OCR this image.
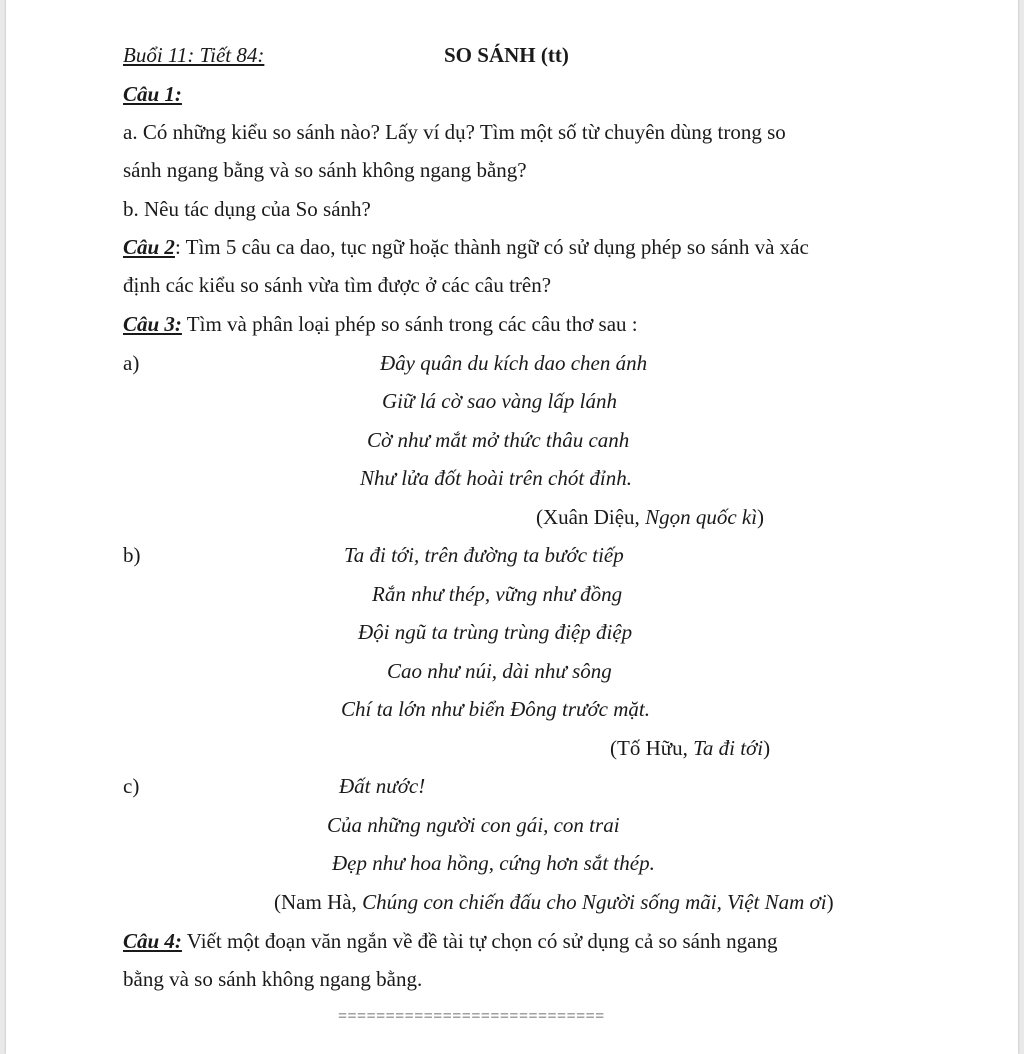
Buổi 11: Tiết 84:	SO SÁNH (tt)
Câu 1:
a. Có những kiểu so sánh nào? Lấy ví dụ? Tìm một số từ chuyên dùng trong so
sánh ngang bằng và so sánh không ngang bằng?
b. Nêu tác dụng của So sánh?
Câu 2: Tìm 5 câu ca dao, tục ngữ hoặc thành ngữ có sử dụng phép so sánh và xác
định các kiểu so sánh vừa tìm được ở các câu trên?
Câu 3: Tìm và phân loại phép so sánh trong các câu thơ sau :
a)	Đây quân du kích dao chen ánh
Giữ lá cờ sao vàng lấp lánh
Cờ như mắt mở thức thâu canh
Như lửa đốt hoài trên chót đỉnh.
(Xuân Diệu, Ngọn quốc kì)
b)	Ta đi tới, trên đường ta bước tiếp
Rắn như thép, vững như đồng
Đội ngũ ta trùng trùng điệp điệp
Cao như núi, dài như sông
Chí ta lớn như biển Đông trước mặt.
(Tố Hữu, Ta đi tới)
c)	Đất nước!
Của những người con gái, con trai
Đẹp như hoa hồng, cứng hơn sắt thép.
(Nam Hà, Chúng con chiến đấu cho Người sống mãi, Việt Nam ơi)
Câu 4: Viết một đoạn văn ngắn về đề tài tự chọn có sử dụng cả so sánh ngang
bằng và so sánh không ngang bằng.
============================
